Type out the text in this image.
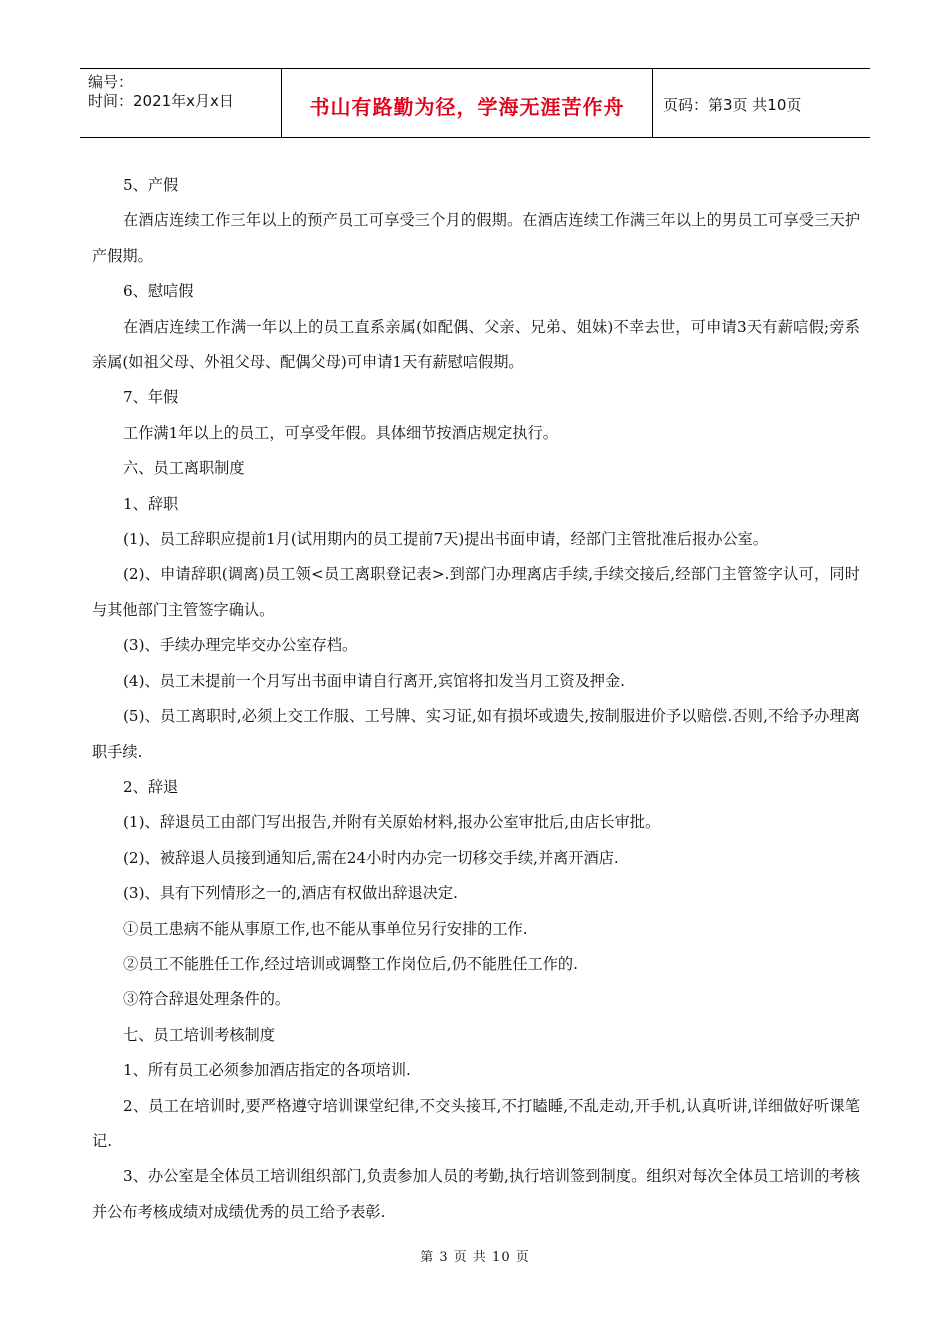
编号：
时间：2021年x月x日	书山有路勤为径，学海无涯苦作舟	页码：第3页 共10页

5、产假

在酒店连续工作三年以上的预产员工可享受三个月的假期。在酒店连续工作满三年以上的男员工可享受三天护产假期。

6、慰唁假

在酒店连续工作满一年以上的员工直系亲属(如配偶、父亲、兄弟、姐妹)不幸去世，可申请3天有薪唁假;旁系亲属(如祖父母、外祖父母、配偶父母)可申请1天有薪慰唁假期。

7、年假

工作满1年以上的员工，可享受年假。具体细节按酒店规定执行。

六、员工离职制度

1、辞职

(1)、员工辞职应提前1月(试用期内的员工提前7天)提出书面申请，经部门主管批准后报办公室。

(2)、申请辞职(调离)员工领<员工离职登记表>.到部门办理离店手续,手续交接后,经部门主管签字认可，同时与其他部门主管签字确认。

(3)、手续办理完毕交办公室存档。

(4)、员工未提前一个月写出书面申请自行离开,宾馆将扣发当月工资及押金.

(5)、员工离职时,必须上交工作服、工号牌、实习证,如有损坏或遗失,按制服进价予以赔偿.否则,不给予办理离职手续.

2、辞退

(1)、辞退员工由部门写出报告,并附有关原始材料,报办公室审批后,由店长审批。

(2)、被辞退人员接到通知后,需在24小时内办完一切移交手续,并离开酒店.

(3)、具有下列情形之一的,酒店有权做出辞退决定.

①员工患病不能从事原工作,也不能从事单位另行安排的工作.

②员工不能胜任工作,经过培训或调整工作岗位后,仍不能胜任工作的.

③符合辞退处理条件的。

七、员工培训考核制度

1、所有员工必须参加酒店指定的各项培训.

2、员工在培训时,要严格遵守培训课堂纪律,不交头接耳,不打瞌睡,不乱走动,开手机,认真听讲,详细做好听课笔记.

3、办公室是全体员工培训组织部门,负责参加人员的考勤,执行培训签到制度。组织对每次全体员工培训的考核并公布考核成绩对成绩优秀的员工给予表彰.

第 3 页 共 10 页
